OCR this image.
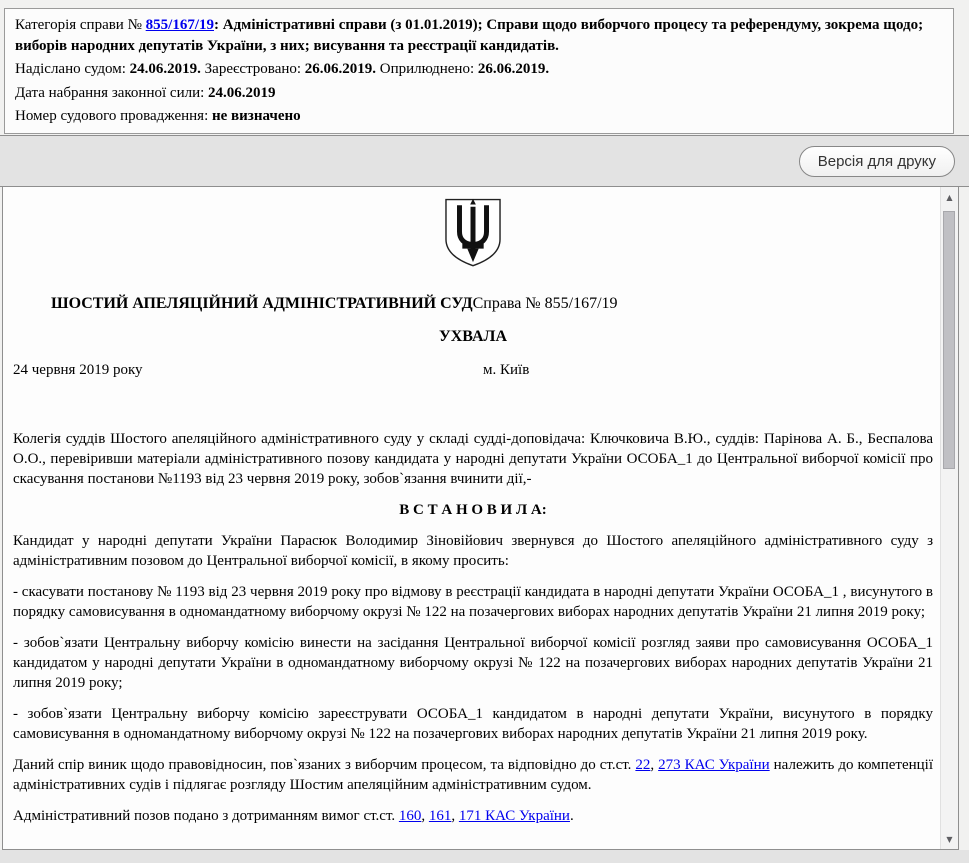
Категорія справи № 855/167/19: Адміністративні справи (з 01.01.2019); Справи щодо виборчого процесу та референдуму, зокрема щодо; виборів народних депутатів України, з них; висування та реєстрації кандидатів.

Надіслано судом: 24.06.2019. Зареєстровано: 26.06.2019. Оприлюднено: 26.06.2019.

Дата набрання законної сили: 24.06.2019

Номер судового провадження: не визначено

Версія для друку
ШОСТИЙ АПЕЛЯЦІЙНИЙ АДМІНІСТРАТИВНИЙ СУДСправа № 855/167/19
УХВАЛА
24 червня 2019 року	м. Київ

Колегія суддів Шостого апеляційного адміністративного суду у складі судді-доповідача: Ключковича В.Ю., суддів: Парінова А. Б., Беспалова О.О., перевіривши матеріали адміністративного позову кандидата у народні депутати України ОСОБА_1 до Центральної виборчої комісії про скасування постанови №1193 від 23 червня 2019 року, зобов`язання вчинити дії,-

В С Т А Н О В И Л А:

Кандидат у народні депутати України Парасюк Володимир Зіновійович звернувся до Шостого апеляційного адміністративного суду з адміністративним позовом до Центральної виборчої комісії, в якому просить:

- скасувати постанову № 1193 від 23 червня 2019 року про відмову в реєстрації кандидата в народні депутати України ОСОБА_1 , висунутого в порядку самовисування в одномандатному виборчому окрузі № 122 на позачергових виборах народних депутатів України 21 липня 2019 року;

- зобов`язати Центральну виборчу комісію винести на засідання Центральної виборчої комісії розгляд заяви про самовисування ОСОБА_1 кандидатом у народні депутати України в одномандатному виборчому окрузі № 122 на позачергових виборах народних депутатів України 21 липня 2019 року;

- зобов`язати Центральну виборчу комісію зареєструвати ОСОБА_1 кандидатом в народні депутати України, висунутого в порядку самовисування в одномандатному виборчому окрузі № 122 на позачергових виборах народних депутатів України 21 липня 2019 року.

Даний спір виник щодо правовідносин, пов`язаних з виборчим процесом, та відповідно до ст.ст. 22, 273 КАС України належить до компетенції адміністративних судів і підлягає розгляду Шостим апеляційним адміністративним судом.

Адміністративний позов подано з дотриманням вимог ст.ст. 160, 161, 171 КАС України.

▲
▼
